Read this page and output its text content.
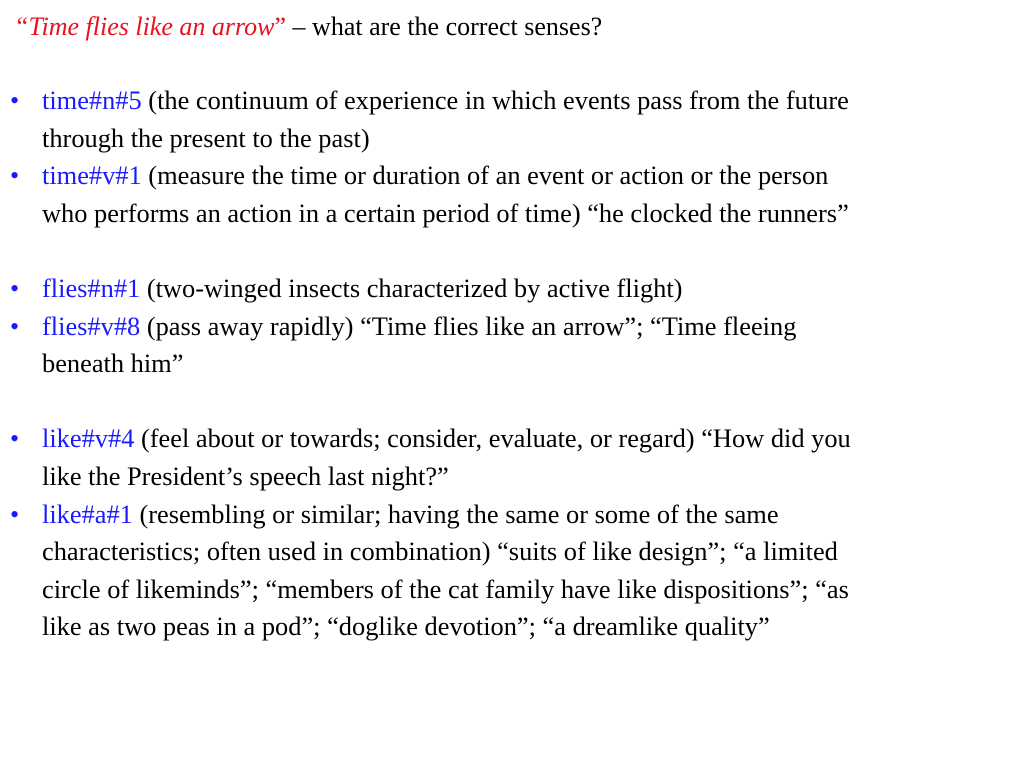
“Time flies like an arrow” – what are the correct senses?
• time#n#5 (the continuum of experience in which events pass from the future
through the present to the past)
• time#v#1 (measure the time or duration of an event or action or the person
who performs an action in a certain period of time) “he clocked the runners”
• flies#n#1 (two-winged insects characterized by active flight)
• flies#v#8 (pass away rapidly) “Time flies like an arrow”; “Time fleeing
beneath him”
• like#v#4 (feel about or towards; consider, evaluate, or regard) “How did you
like the President’s speech last night?”
• like#a#1 (resembling or similar; having the same or some of the same
characteristics; often used in combination) “suits of like design”; “a limited
circle of likeminds”; “members of the cat family have like dispositions”; “as
like as two peas in a pod”; “doglike devotion”; “a dreamlike quality”
